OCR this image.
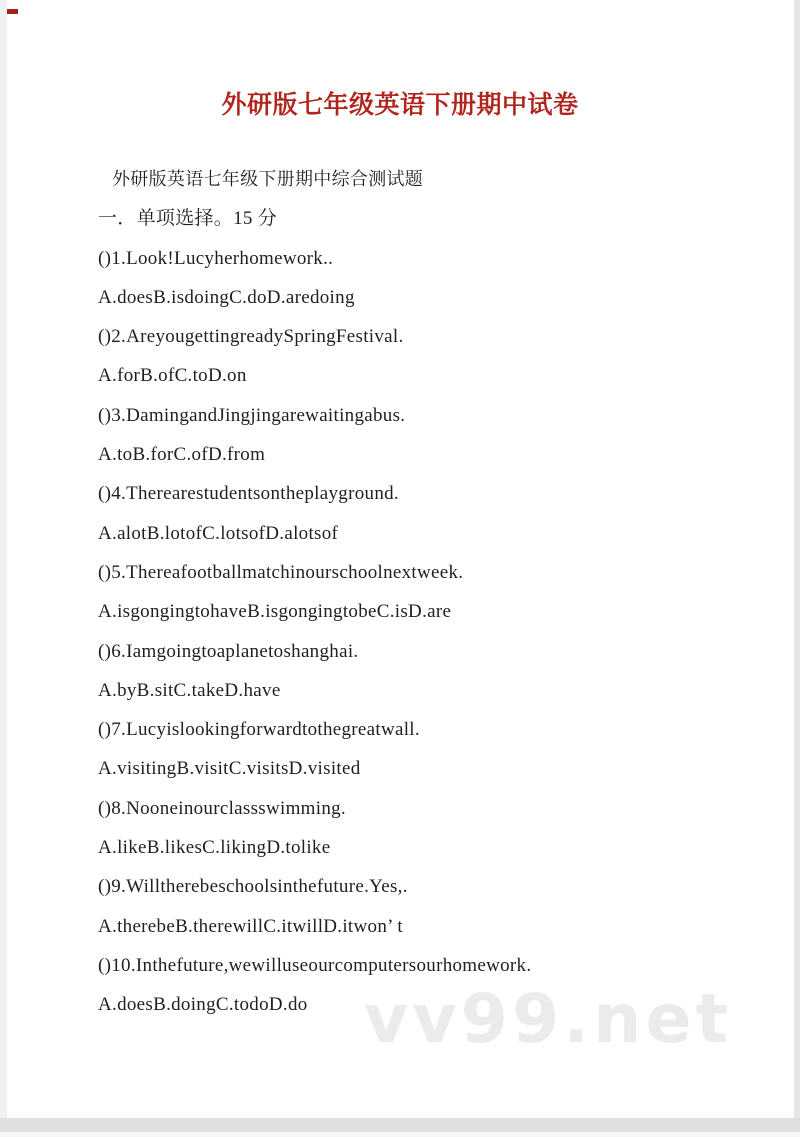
外研版七年级英语下册期中试卷

外研版英语七年级下册期中综合测试题

一．单项选择。15 分

()1.Look!Lucyherhomework..

A.doesB.isdoingC.doD.aredoing

()2.AreyougettingreadySpringFestival.

A.forB.ofC.toD.on

()3.DamingandJingjingarewaitingabus.

A.toB.forC.ofD.from

()4.Therearestudentsontheplayground.

A.alotB.lotofC.lotsofD.alotsof

()5.Thereafootballmatchinourschoolnextweek.

A.isgongingtohaveB.isgongingtobeC.isD.are

()6.Iamgoingtoaplanetoshanghai.

A.byB.sitC.takeD.have

()7.Lucyislookingforwardtothegreatwall.

A.visitingB.visitC.visitsD.visited

()8.Nooneinourclassswimming.

A.likeB.likesC.likingD.tolike

()9.Willtherebeschoolsinthefuture.Yes,.

A.therebeB.therewillC.itwillD.itwon’ t

()10.Inthefuture,wewilluseourcomputersourhomework.

A.doesB.doingC.todoD.do vv99.net
